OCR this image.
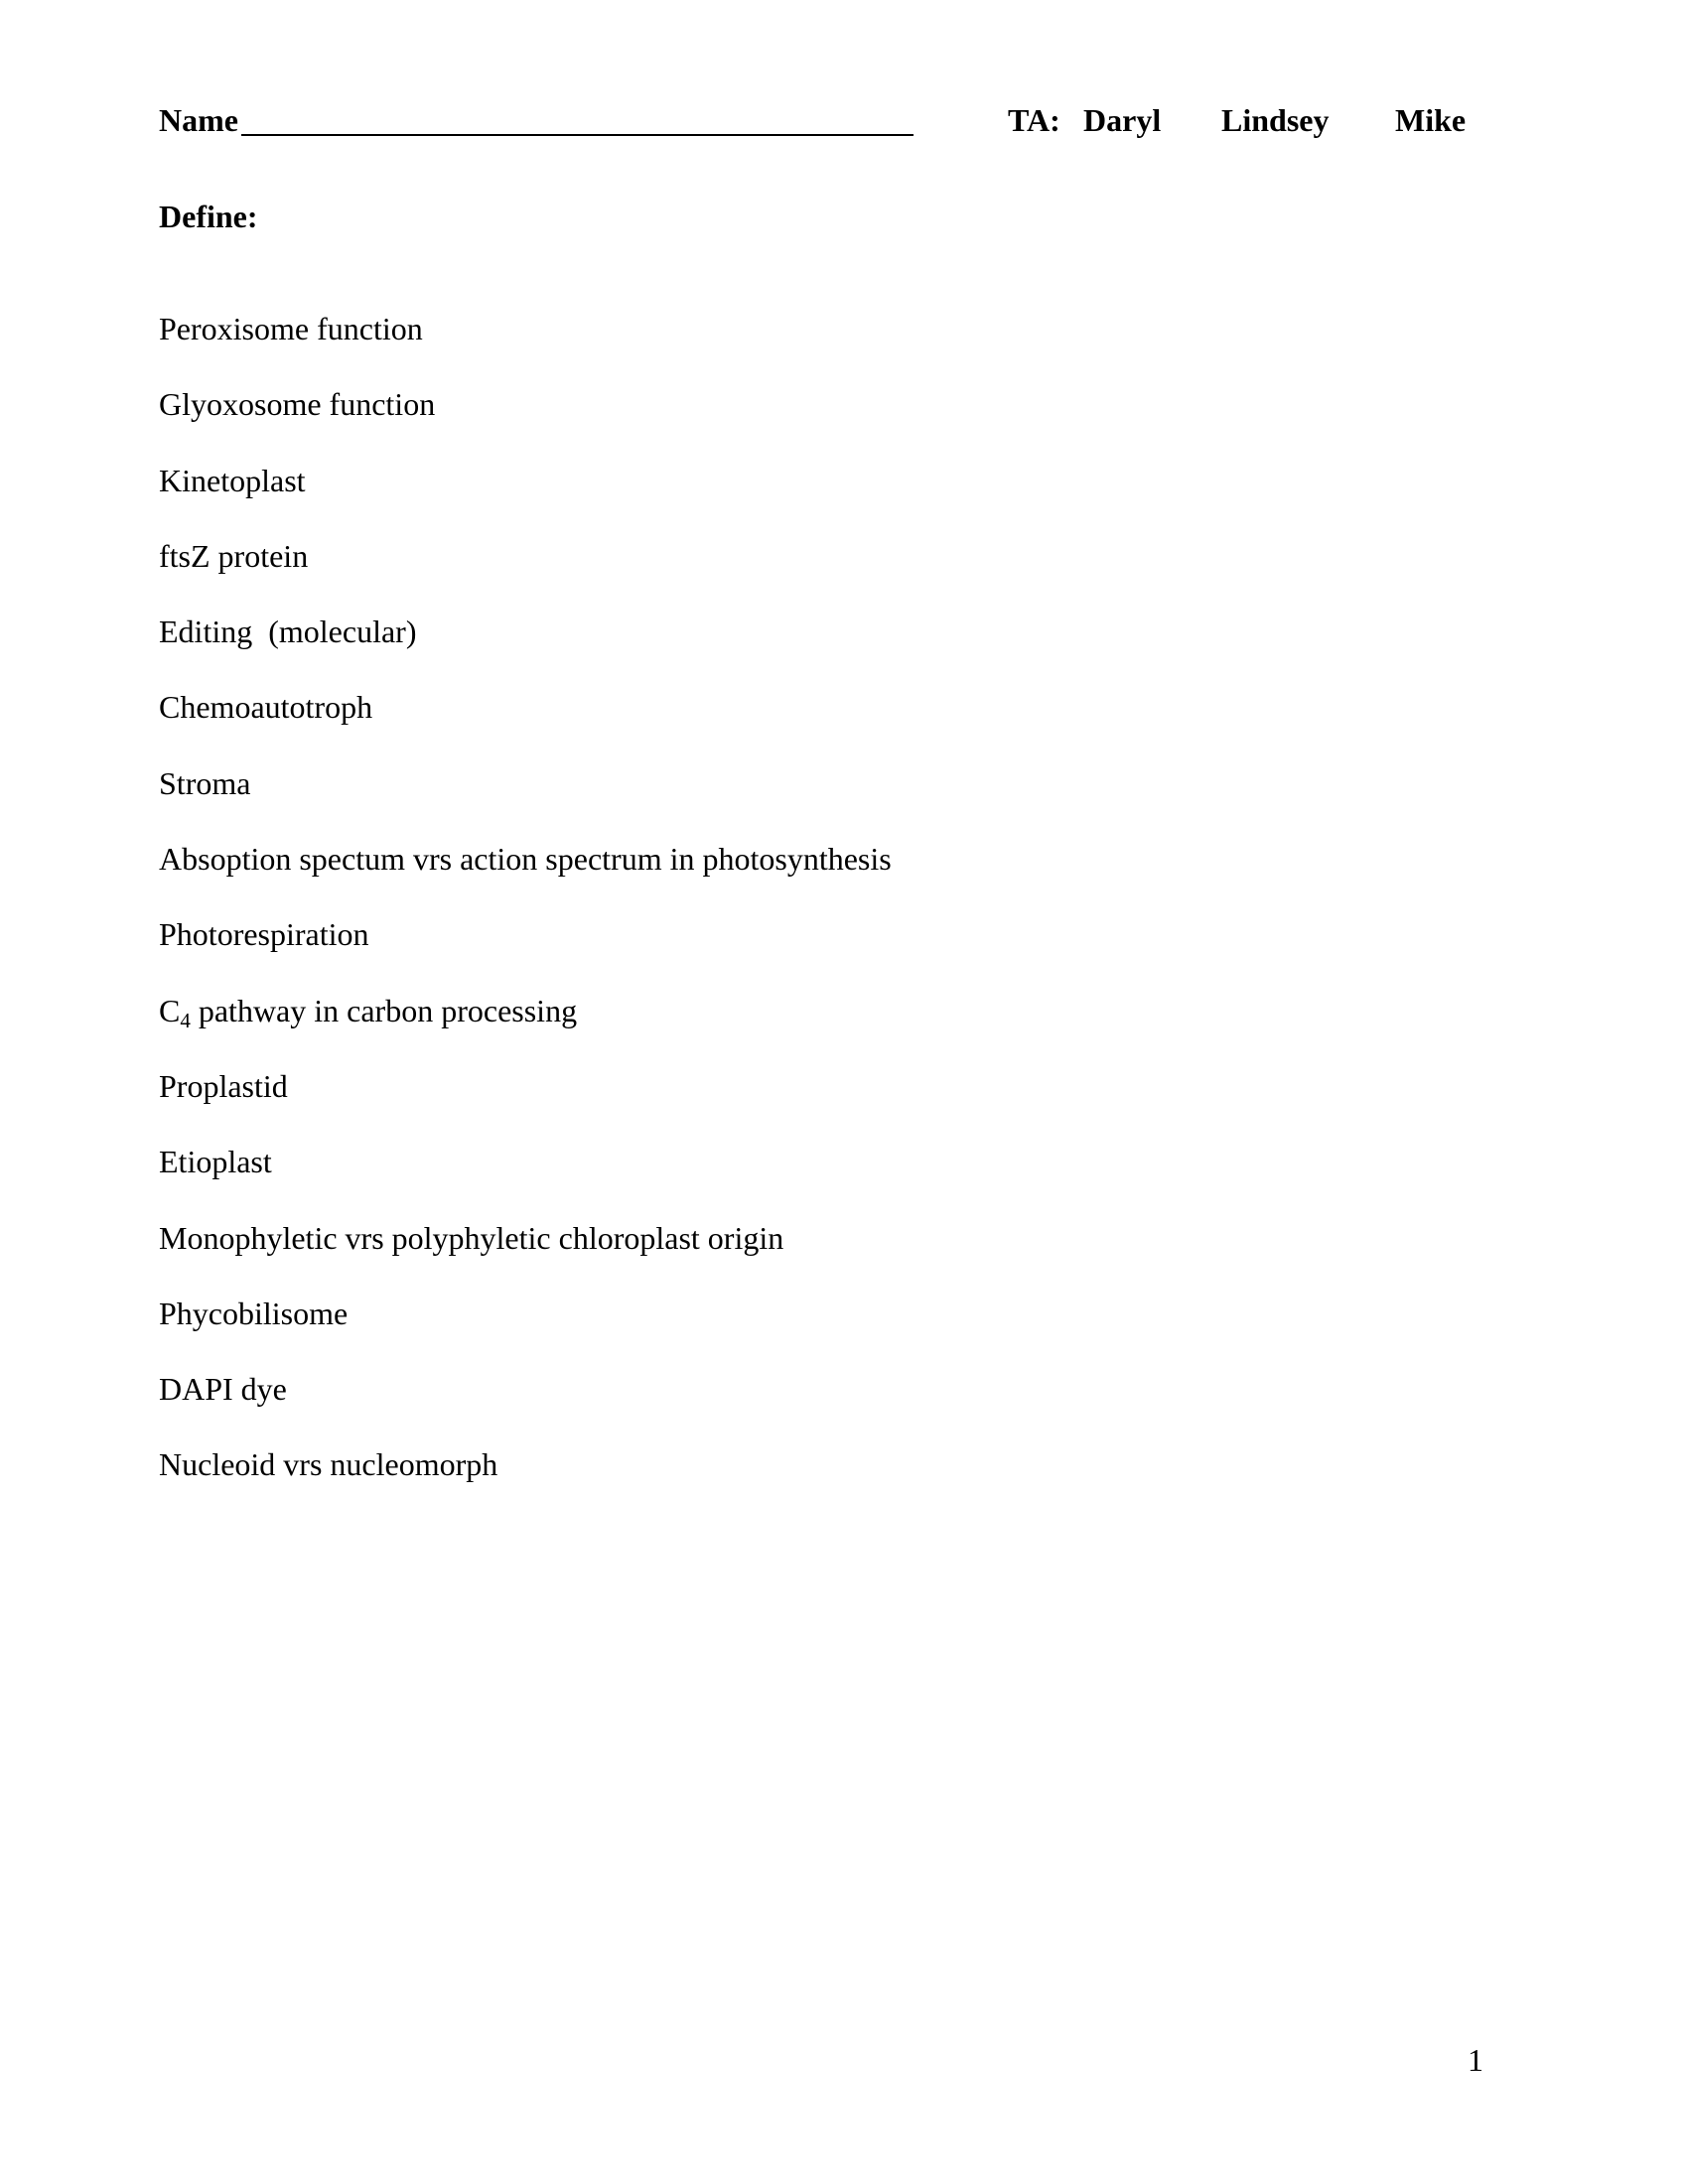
Name	TA: Daryl Lindsey Mike
Define:
Peroxisome function
Glyoxosome function
Kinetoplast
ftsZ protein
Editing  (molecular)
Chemoautotroph
Stroma
Absoption spectum vrs action spectrum in photosynthesis
Photorespiration
$C_4$ pathway in carbon processing
Proplastid
Etioplast
Monophyletic vrs polyphyletic chloroplast origin
Phycobilisome
DAPI dye
Nucleoid vrs nucleomorph
1
